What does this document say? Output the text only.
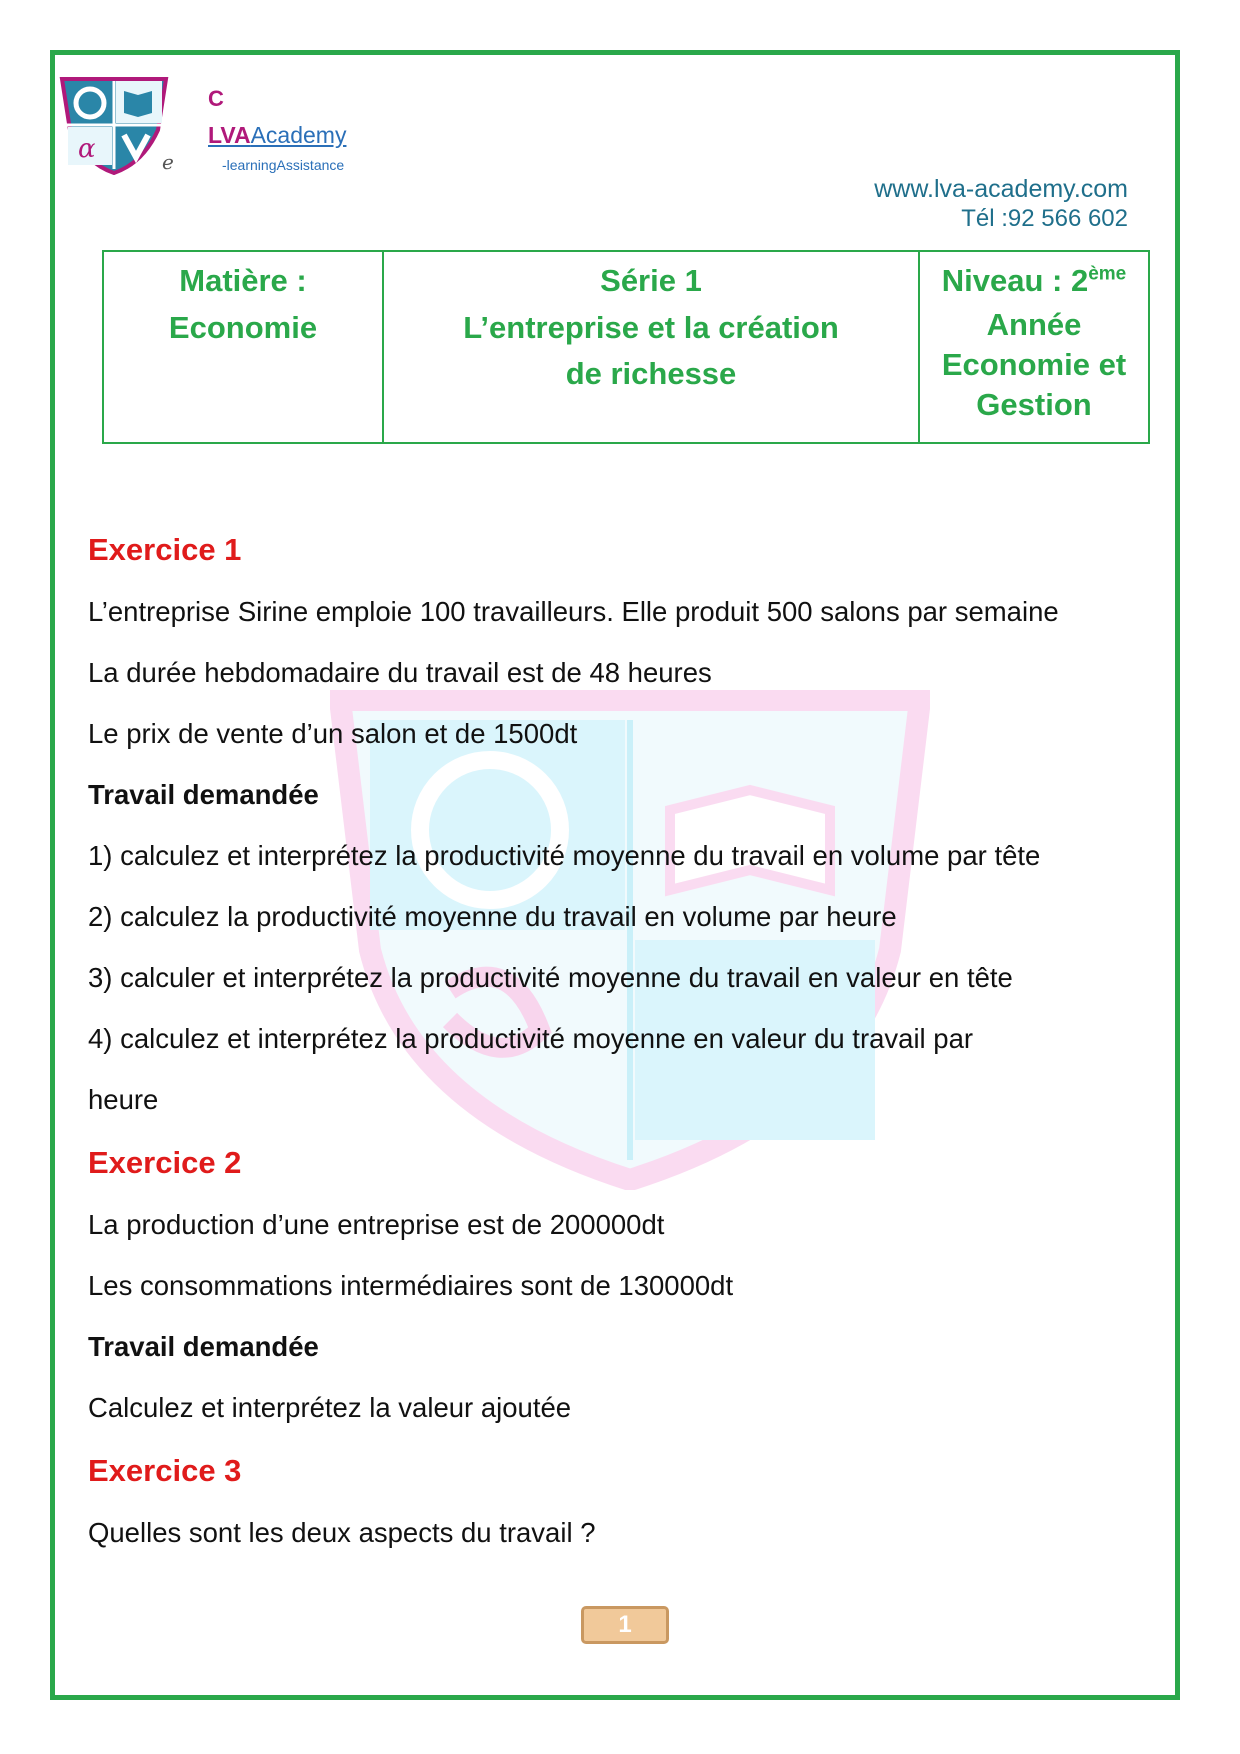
α
C
LVAAcademy
-learningAssistance
e
www.lva-academy.com
Tél :92 566 602
Matière :
Economie

Série 1
L’entreprise et la création
de richesse

Niveau : 2ème
Année
Economie et
Gestion
Exercice 1
L’entreprise Sirine emploie 100 travailleurs. Elle produit 500 salons par semaine
La durée hebdomadaire du travail est de 48 heures
Le prix de vente d’un salon et de 1500dt
Travail demandée
1) calculez et interprétez la productivité moyenne du travail en volume par tête
2) calculez la productivité moyenne du travail en volume par heure
3) calculer et interprétez la productivité moyenne du travail en valeur en tête
4) calculez et interprétez la productivité moyenne en valeur du travail par
heure
Exercice 2
La production d’une entreprise est de 200000dt
Les consommations intermédiaires sont de 130000dt
Travail demandée
Calculez et interprétez la valeur ajoutée
Exercice 3
Quelles sont les deux aspects du travail ?
1
